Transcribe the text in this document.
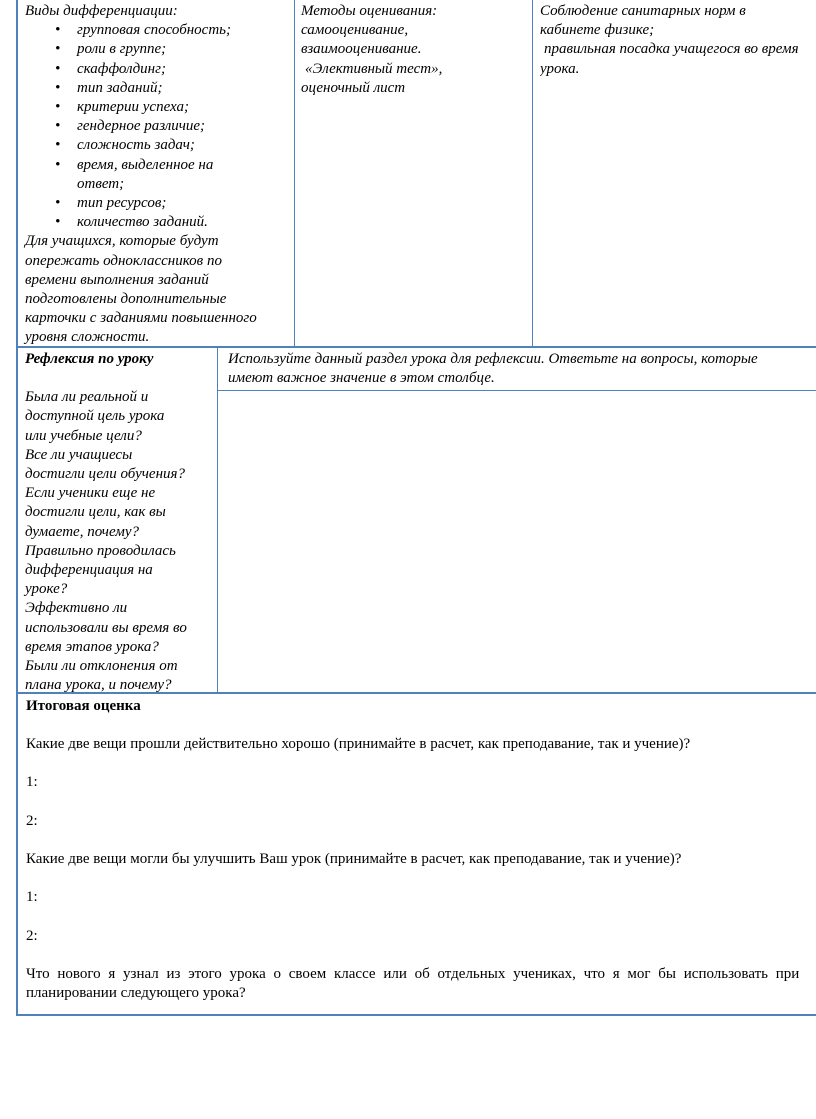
Виды дифференциации:
• групповая способность;
• роли в группе;
• скаффолдинг;
• тип заданий;
• критерии успеха;
• гендерное различие;
• сложность задач;
• время, выделенное на
ответ;
• тип ресурсов;
• количество заданий.
Для учащихся, которые будут
опережать одноклассников по
времени выполнения заданий
подготовлены дополнительные
карточки с заданиями повышенного
уровня сложности.
Методы оценивания:
самооценивание,
взаимооценивание.
«Элективный тест»,
оценочный лист
Соблюдение санитарных норм в
кабинете физике;
правильная посадка учащегося во время
урока.
Рефлексия по уроку
Была ли реальной и
доступной цель урока
или учебные цели?
Все ли учащиесы
достигли цели обучения?
Если ученики еще не
достигли цели, как вы
думаете, почему?
Правильно проводилась
дифференциация на
уроке?
Эффективно ли
использовали вы время во
время этапов урока?
Были ли отклонения от
плана урока, и почему?
Используйте данный раздел урока для рефлексии. Ответьте на вопросы, которые
имеют важное значение в этом столбце.

Итоговая оценка

Какие две вещи прошли действительно хорошо (принимайте в расчет, как преподавание, так и учение)?

1:

2:

Какие две вещи могли бы улучшить Ваш урок (принимайте в расчет, как преподавание, так и учение)?

1:

2:

Что нового я узнал из этого урока о своем классе или об отдельных учениках, что я мог бы использовать при

планировании следующего урока?
